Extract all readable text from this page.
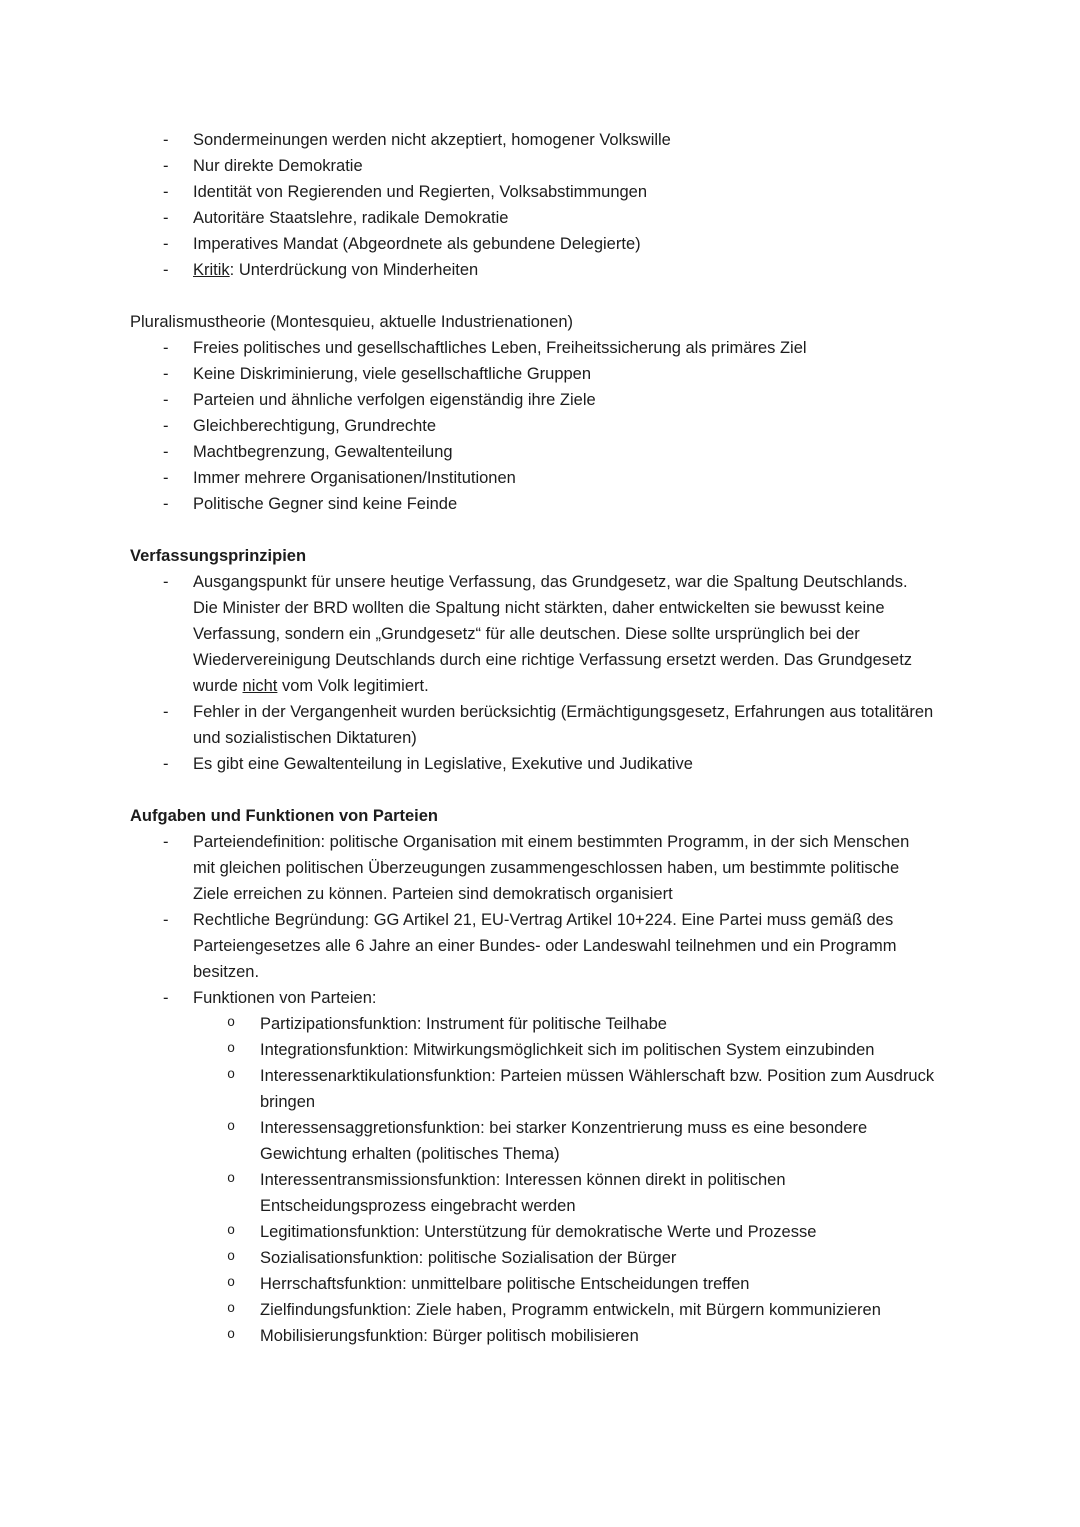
- Sondermeinungen werden nicht akzeptiert, homogener Volkswille
- Nur direkte Demokratie
- Identität von Regierenden und Regierten, Volksabstimmungen
- Autoritäre Staatslehre, radikale Demokratie
- Imperatives Mandat (Abgeordnete als gebundene Delegierte)
- Kritik: Unterdrückung von Minderheiten

Pluralismustheorie (Montesquieu, aktuelle Industrienationen)

- Freies politisches und gesellschaftliches Leben, Freiheitssicherung als primäres Ziel
- Keine Diskriminierung, viele gesellschaftliche Gruppen
- Parteien und ähnliche verfolgen eigenständig ihre Ziele
- Gleichberechtigung, Grundrechte
- Machtbegrenzung, Gewaltenteilung
- Immer mehrere Organisationen/Institutionen
- Politische Gegner sind keine Feinde

Verfassungsprinzipien

- Ausgangspunkt für unsere heutige Verfassung, das Grundgesetz, war die Spaltung Deutschlands. Die Minister der BRD wollten die Spaltung nicht stärkten, daher entwickelten sie bewusst keine Verfassung, sondern ein „Grundgesetz“ für alle deutschen. Diese sollte ursprünglich bei der Wiedervereinigung Deutschlands durch eine richtige Verfassung ersetzt werden. Das Grundgesetz wurde nicht vom Volk legitimiert.
- Fehler in der Vergangenheit wurden berücksichtig (Ermächtigungsgesetz, Erfahrungen aus totalitären und sozialistischen Diktaturen)
- Es gibt eine Gewaltenteilung in Legislative, Exekutive und Judikative

Aufgaben und Funktionen von Parteien

- Parteiendefinition: politische Organisation mit einem bestimmten Programm, in der sich Menschen mit gleichen politischen Überzeugungen zusammengeschlossen haben, um bestimmte politische Ziele erreichen zu können. Parteien sind demokratisch organisiert
- Rechtliche Begründung: GG Artikel 21, EU-Vertrag Artikel 10+224. Eine Partei muss gemäß des Parteiengesetzes alle 6 Jahre an einer Bundes- oder Landeswahl teilnehmen und ein Programm besitzen.
- Funktionen von Parteien:
o Partizipationsfunktion: Instrument für politische Teilhabe
o Integrationsfunktion: Mitwirkungsmöglichkeit sich im politischen System einzubinden
o Interessenarktikulationsfunktion: Parteien müssen Wählerschaft bzw. Position zum Ausdruck bringen
o Interessensaggretionsfunktion: bei starker Konzentrierung muss es eine besondere Gewichtung erhalten (politisches Thema)
o Interessentransmissionsfunktion: Interessen können direkt in politischen Entscheidungsprozess eingebracht werden
o Legitimationsfunktion: Unterstützung für demokratische Werte und Prozesse
o Sozialisationsfunktion: politische Sozialisation der Bürger
o Herrschaftsfunktion: unmittelbare politische Entscheidungen treffen
o Zielfindungsfunktion: Ziele haben, Programm entwickeln, mit Bürgern kommunizieren
o Mobilisierungsfunktion: Bürger politisch mobilisieren
